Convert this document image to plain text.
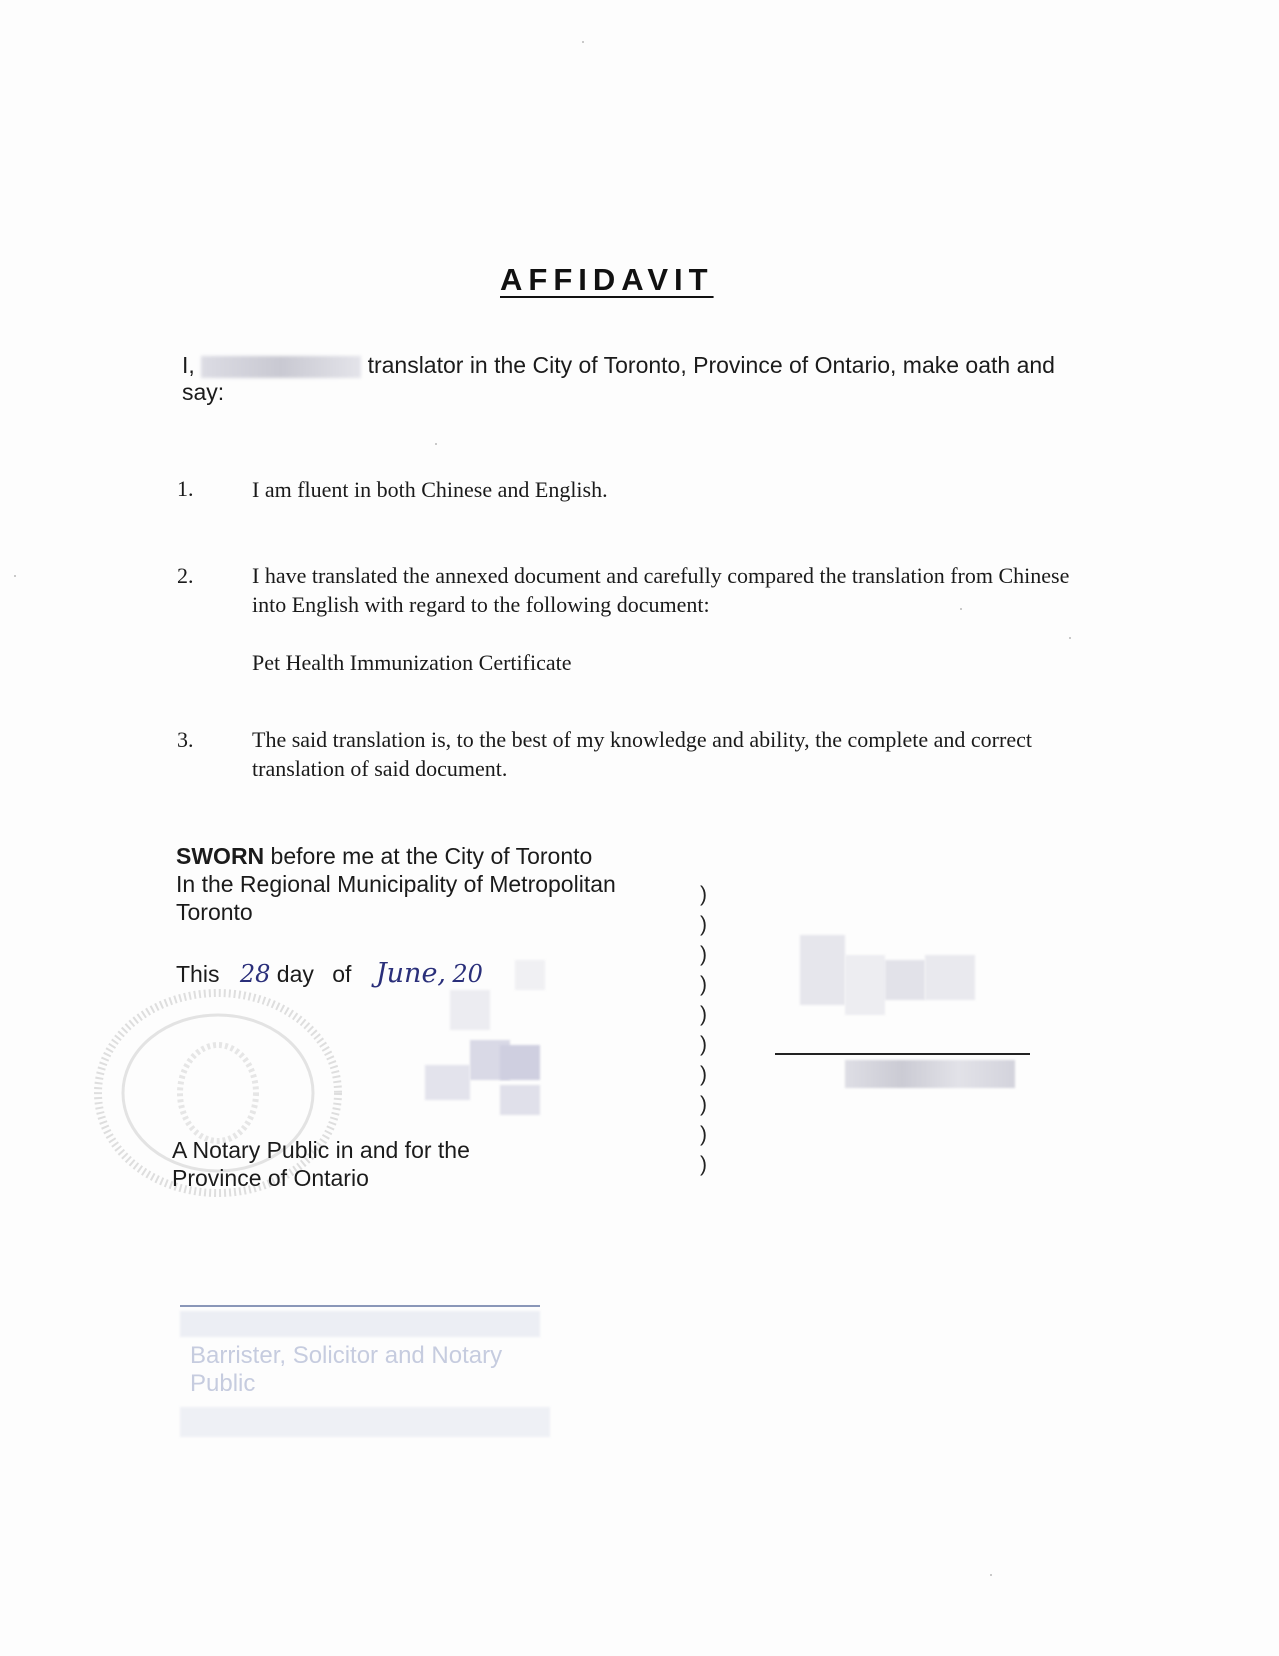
AFFIDAVIT
I,	translator in the City of Toronto, Province of Ontario, make oath and say:
1.	I am fluent in both Chinese and English.
2.	I have translated the annexed document and carefully compared the translation from Chinese into English with regard to the following document:
Pet Health Immunization Certificate
3.	The said translation is, to the best of my knowledge and ability, the complete and correct translation of said document.
SWORN before me at the City of Toronto
In the Regional Municipality of Metropolitan
Toronto
This 28 day of June, 20
A Notary Public in and for the
Province of Ontario
)
)
)
)
)
)
)
)
)
)
Barrister, Solicitor and Notary Public
